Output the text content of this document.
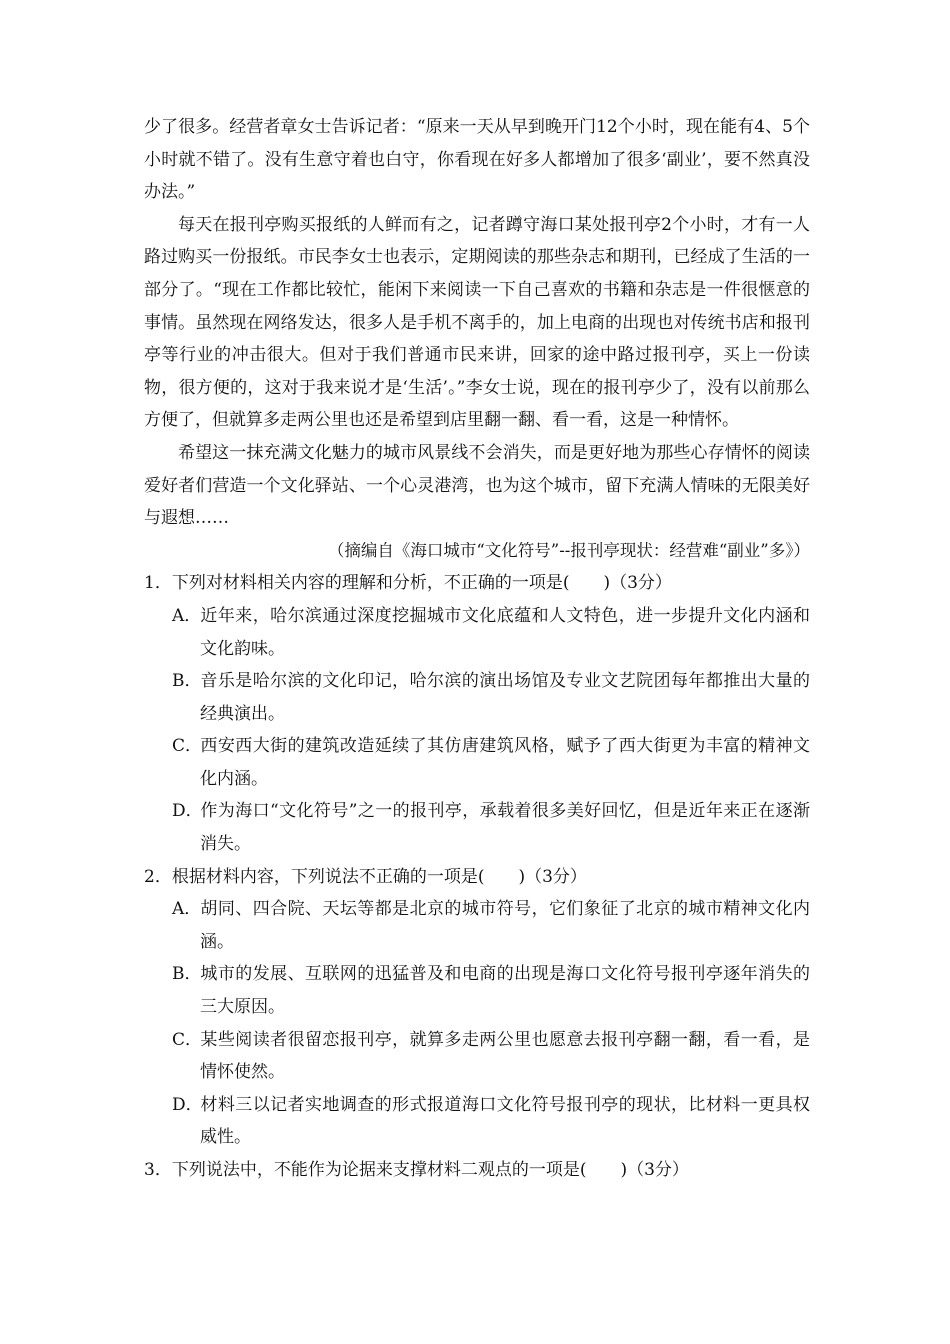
少了很多。经营者章女士告诉记者：“原来一天从早到晚开门12个小时，现在能有4、5个小时就不错了。没有生意守着也白守，你看现在好多人都增加了很多‘副业’，要不然真没办法。”

每天在报刊亭购买报纸的人鲜而有之，记者蹲守海口某处报刊亭2个小时，才有一人路过购买一份报纸。市民李女士也表示，定期阅读的那些杂志和期刊，已经成了生活的一部分了。“现在工作都比较忙，能闲下来阅读一下自己喜欢的书籍和杂志是一件很惬意的事情。虽然现在网络发达，很多人是手机不离手的，加上电商的出现也对传统书店和报刊亭等行业的冲击很大。但对于我们普通市民来讲，回家的途中路过报刊亭，买上一份读物，很方便的，这对于我来说才是‘生活’。”李女士说，现在的报刊亭少了，没有以前那么方便了，但就算多走两公里也还是希望到店里翻一翻、看一看，这是一种情怀。

希望这一抹充满文化魅力的城市风景线不会消失，而是更好地为那些心存情怀的阅读爱好者们营造一个文化驿站、一个心灵港湾，也为这个城市，留下充满人情味的无限美好与遐想……

（摘编自《海口城市“文化符号”--报刊亭现状：经营难“副业”多》）

1．下列对材料相关内容的理解和分析，不正确的一项是(　　)（3分）

A．近年来，哈尔滨通过深度挖掘城市文化底蕴和人文特色，进一步提升文化内涵和文化韵味。

B．音乐是哈尔滨的文化印记，哈尔滨的演出场馆及专业文艺院团每年都推出大量的经典演出。

C．西安西大街的建筑改造延续了其仿唐建筑风格，赋予了西大街更为丰富的精神文化内涵。

D．作为海口“文化符号”之一的报刊亭，承载着很多美好回忆，但是近年来正在逐渐消失。

2．根据材料内容，下列说法不正确的一项是(　　)（3分）

A．胡同、四合院、天坛等都是北京的城市符号，它们象征了北京的城市精神文化内涵。

B．城市的发展、互联网的迅猛普及和电商的出现是海口文化符号报刊亭逐年消失的三大原因。

C．某些阅读者很留恋报刊亭，就算多走两公里也愿意去报刊亭翻一翻，看一看，是情怀使然。

D．材料三以记者实地调查的形式报道海口文化符号报刊亭的现状，比材料一更具权威性。

3．下列说法中，不能作为论据来支撑材料二观点的一项是(　　)（3分）
